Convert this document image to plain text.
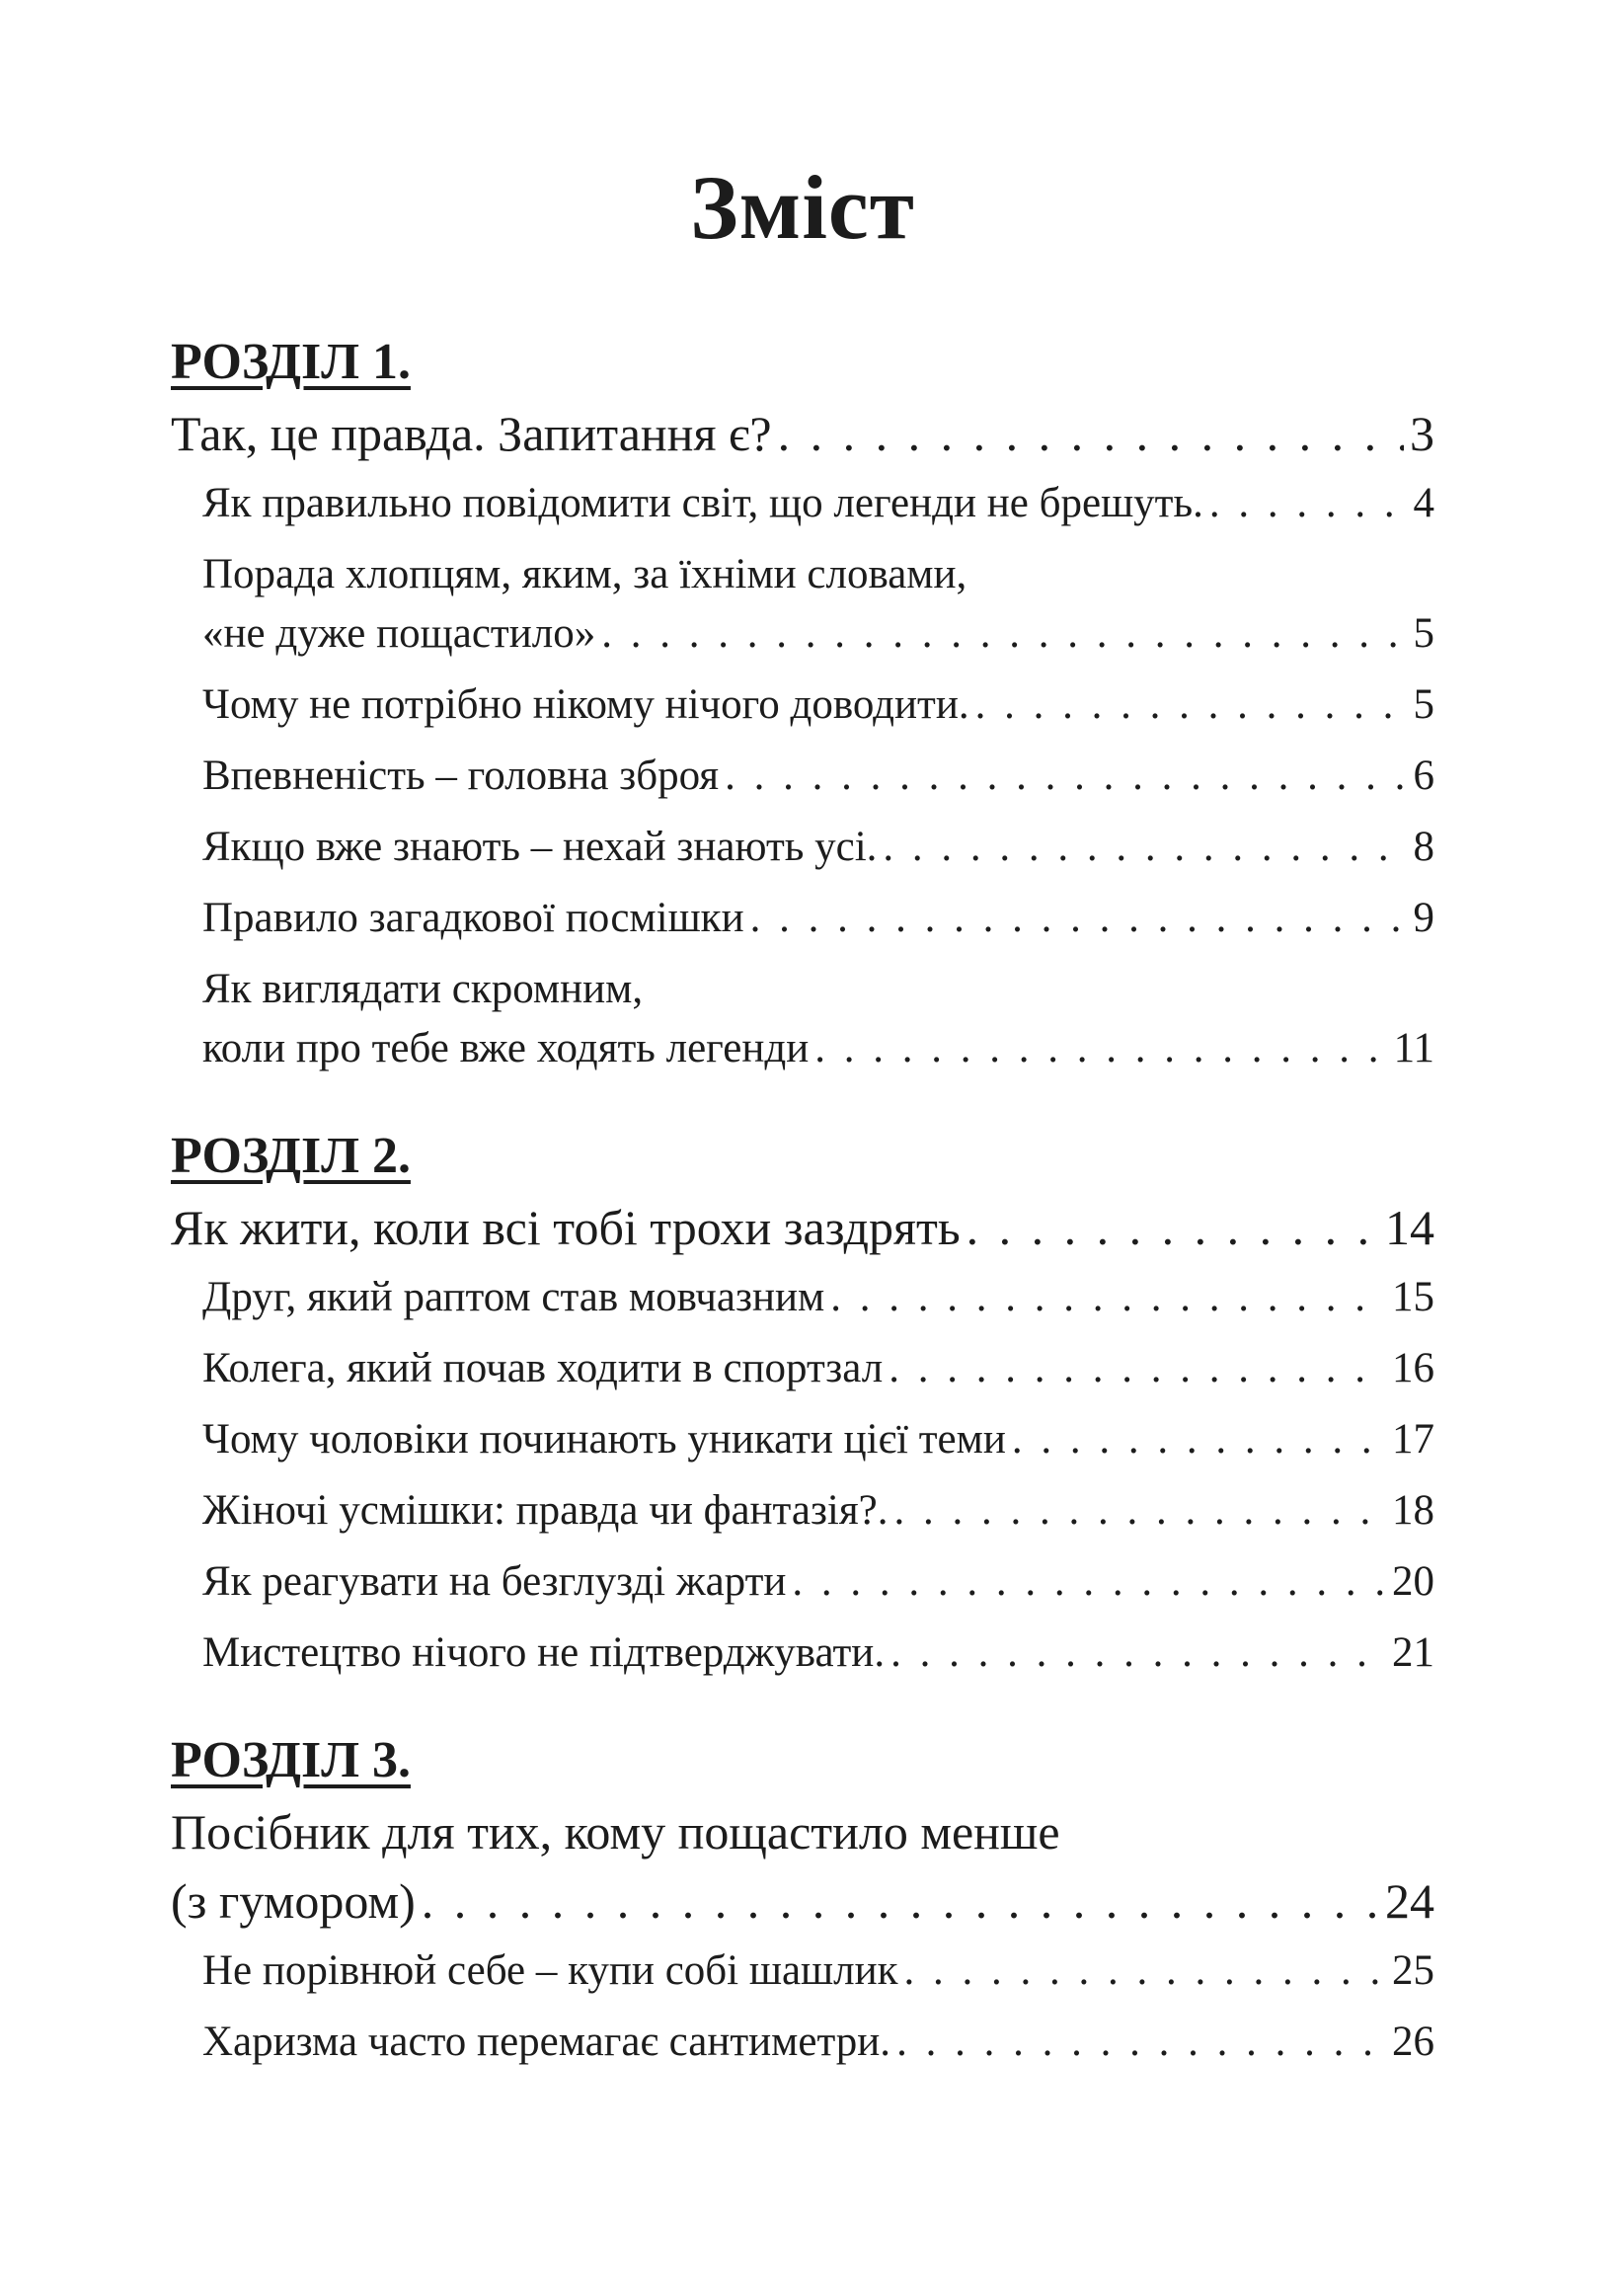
Зміст
РОЗДІЛ 1.
Так, це правда. Запитання є? . . .	3
Як правильно повідомити світ, що легенди не брешуть. . . .	4
Порада хлопцям, яким, за їхніми словами,
«не дуже пощастило» . . .	5
Чому не потрібно нікому нічого доводити. . . .	5
Впевненість – головна зброя . . .	6
Якщо вже знають – нехай знають усі. . . .	8
Правило загадкової посмішки . . .	9
Як виглядати скромним,
коли про тебе вже ходять легенди . . .	11
РОЗДІЛ 2.
Як жити, коли всі тобі трохи заздрять . . .	14
Друг, який раптом став мовчазним . . .	15
Колега, який почав ходити в спортзал . . .	16
Чому чоловіки починають уникати цієї теми . . .	17
Жіночі усмішки: правда чи фантазія?. . . .	18
Як реагувати на безглузді жарти . . .	20
Мистецтво нічого не підтверджувати. . . .	21
РОЗДІЛ 3.
Посібник для тих, кому пощастило менше
(з гумором) . . .	24
Не порівнюй себе – купи собі шашлик . . .	25
Харизма часто перемагає сантиметри. . . .	26
